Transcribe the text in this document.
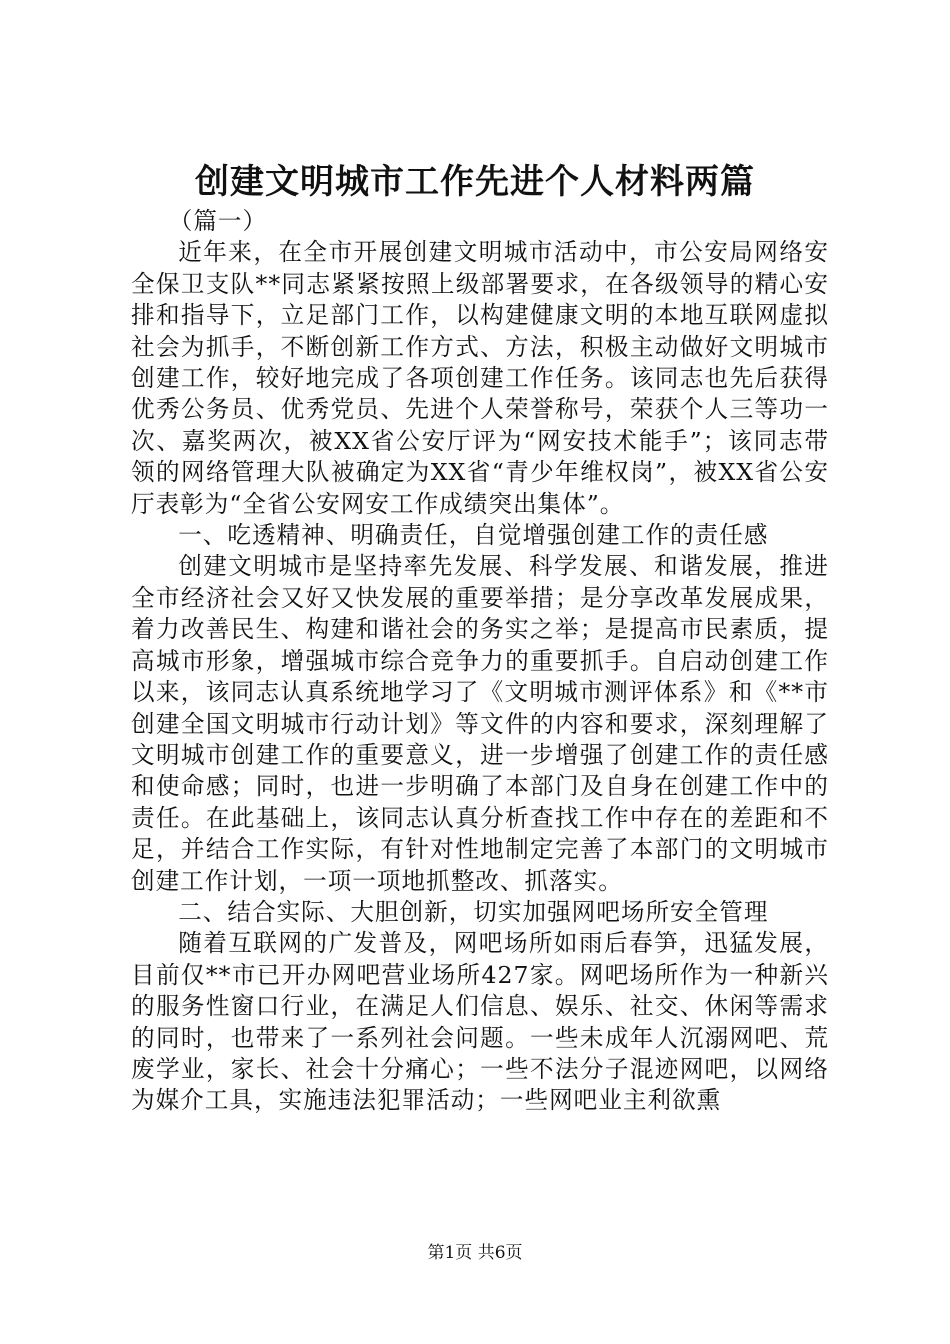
创建文明城市工作先进个人材料两篇

（篇一）

近年来，在全市开展创建文明城市活动中，市公安局网络安全保卫支队**同志紧紧按照上级部署要求，在各级领导的精心安排和指导下，立足部门工作，以构建健康文明的本地互联网虚拟社会为抓手，不断创新工作方式、方法，积极主动做好文明城市创建工作，较好地完成了各项创建工作任务。该同志也先后获得优秀公务员、优秀党员、先进个人荣誉称号，荣获个人三等功一次、嘉奖两次，被XX省公安厅评为“网安技术能手”；该同志带领的网络管理大队被确定为XX省“青少年维权岗”，被XX省公安厅表彰为“全省公安网安工作成绩突出集体”。

一、吃透精神、明确责任，自觉增强创建工作的责任感

创建文明城市是坚持率先发展、科学发展、和谐发展，推进全市经济社会又好又快发展的重要举措；是分享改革发展成果，着力改善民生、构建和谐社会的务实之举；是提高市民素质，提高城市形象，增强城市综合竞争力的重要抓手。自启动创建工作以来，该同志认真系统地学习了《文明城市测评体系》和《**市创建全国文明城市行动计划》等文件的内容和要求，深刻理解了文明城市创建工作的重要意义，进一步增强了创建工作的责任感和使命感；同时，也进一步明确了本部门及自身在创建工作中的责任。在此基础上，该同志认真分析查找工作中存在的差距和不足，并结合工作实际，有针对性地制定完善了本部门的文明城市创建工作计划，一项一项地抓整改、抓落实。

二、结合实际、大胆创新，切实加强网吧场所安全管理

随着互联网的广发普及，网吧场所如雨后春笋，迅猛发展，目前仅**市已开办网吧营业场所427家。网吧场所作为一种新兴的服务性窗口行业，在满足人们信息、娱乐、社交、休闲等需求的同时，也带来了一系列社会问题。一些未成年人沉溺网吧、荒废学业，家长、社会十分痛心；一些不法分子混迹网吧，以网络为媒介工具，实施违法犯罪活动；一些网吧业主利欲熏

第1页 共6页
